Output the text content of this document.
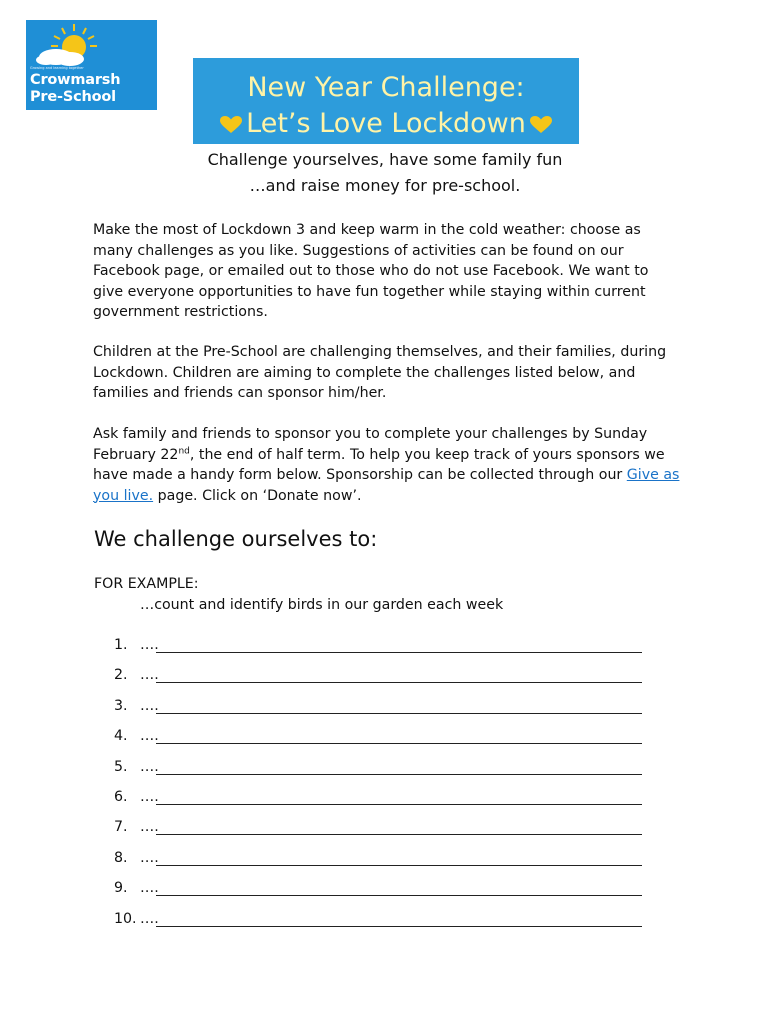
Growing and learning together
Crowmarsh
Pre-School	New Year Challenge:
Let’s Love Lockdown
Challenge yourselves, have some family fun
…and raise money for pre-school.
Make the most of Lockdown 3 and keep warm in the cold weather: choose as many challenges as you like. Suggestions of activities can be found on our Facebook page, or emailed out to those who do not use Facebook. We want to give everyone opportunities to have fun together while staying within current government restrictions.
Children at the Pre-School are challenging themselves, and their families, during Lockdown. Children are aiming to complete the challenges listed below, and families and friends can sponsor him/her.
Ask family and friends to sponsor you to complete your challenges by Sunday February 22nd, the end of half term. To help you keep track of yours sponsors we have made a handy form below. Sponsorship can be collected through our Give as you live. page. Click on ‘Donate now’.
We challenge ourselves to:
FOR EXAMPLE:
…count and identify birds in our garden each week
1. ….
2. ….
3. ….
4. ….
5. ….
6. ….
7. ….
8. ….
9. ….
10. ….
